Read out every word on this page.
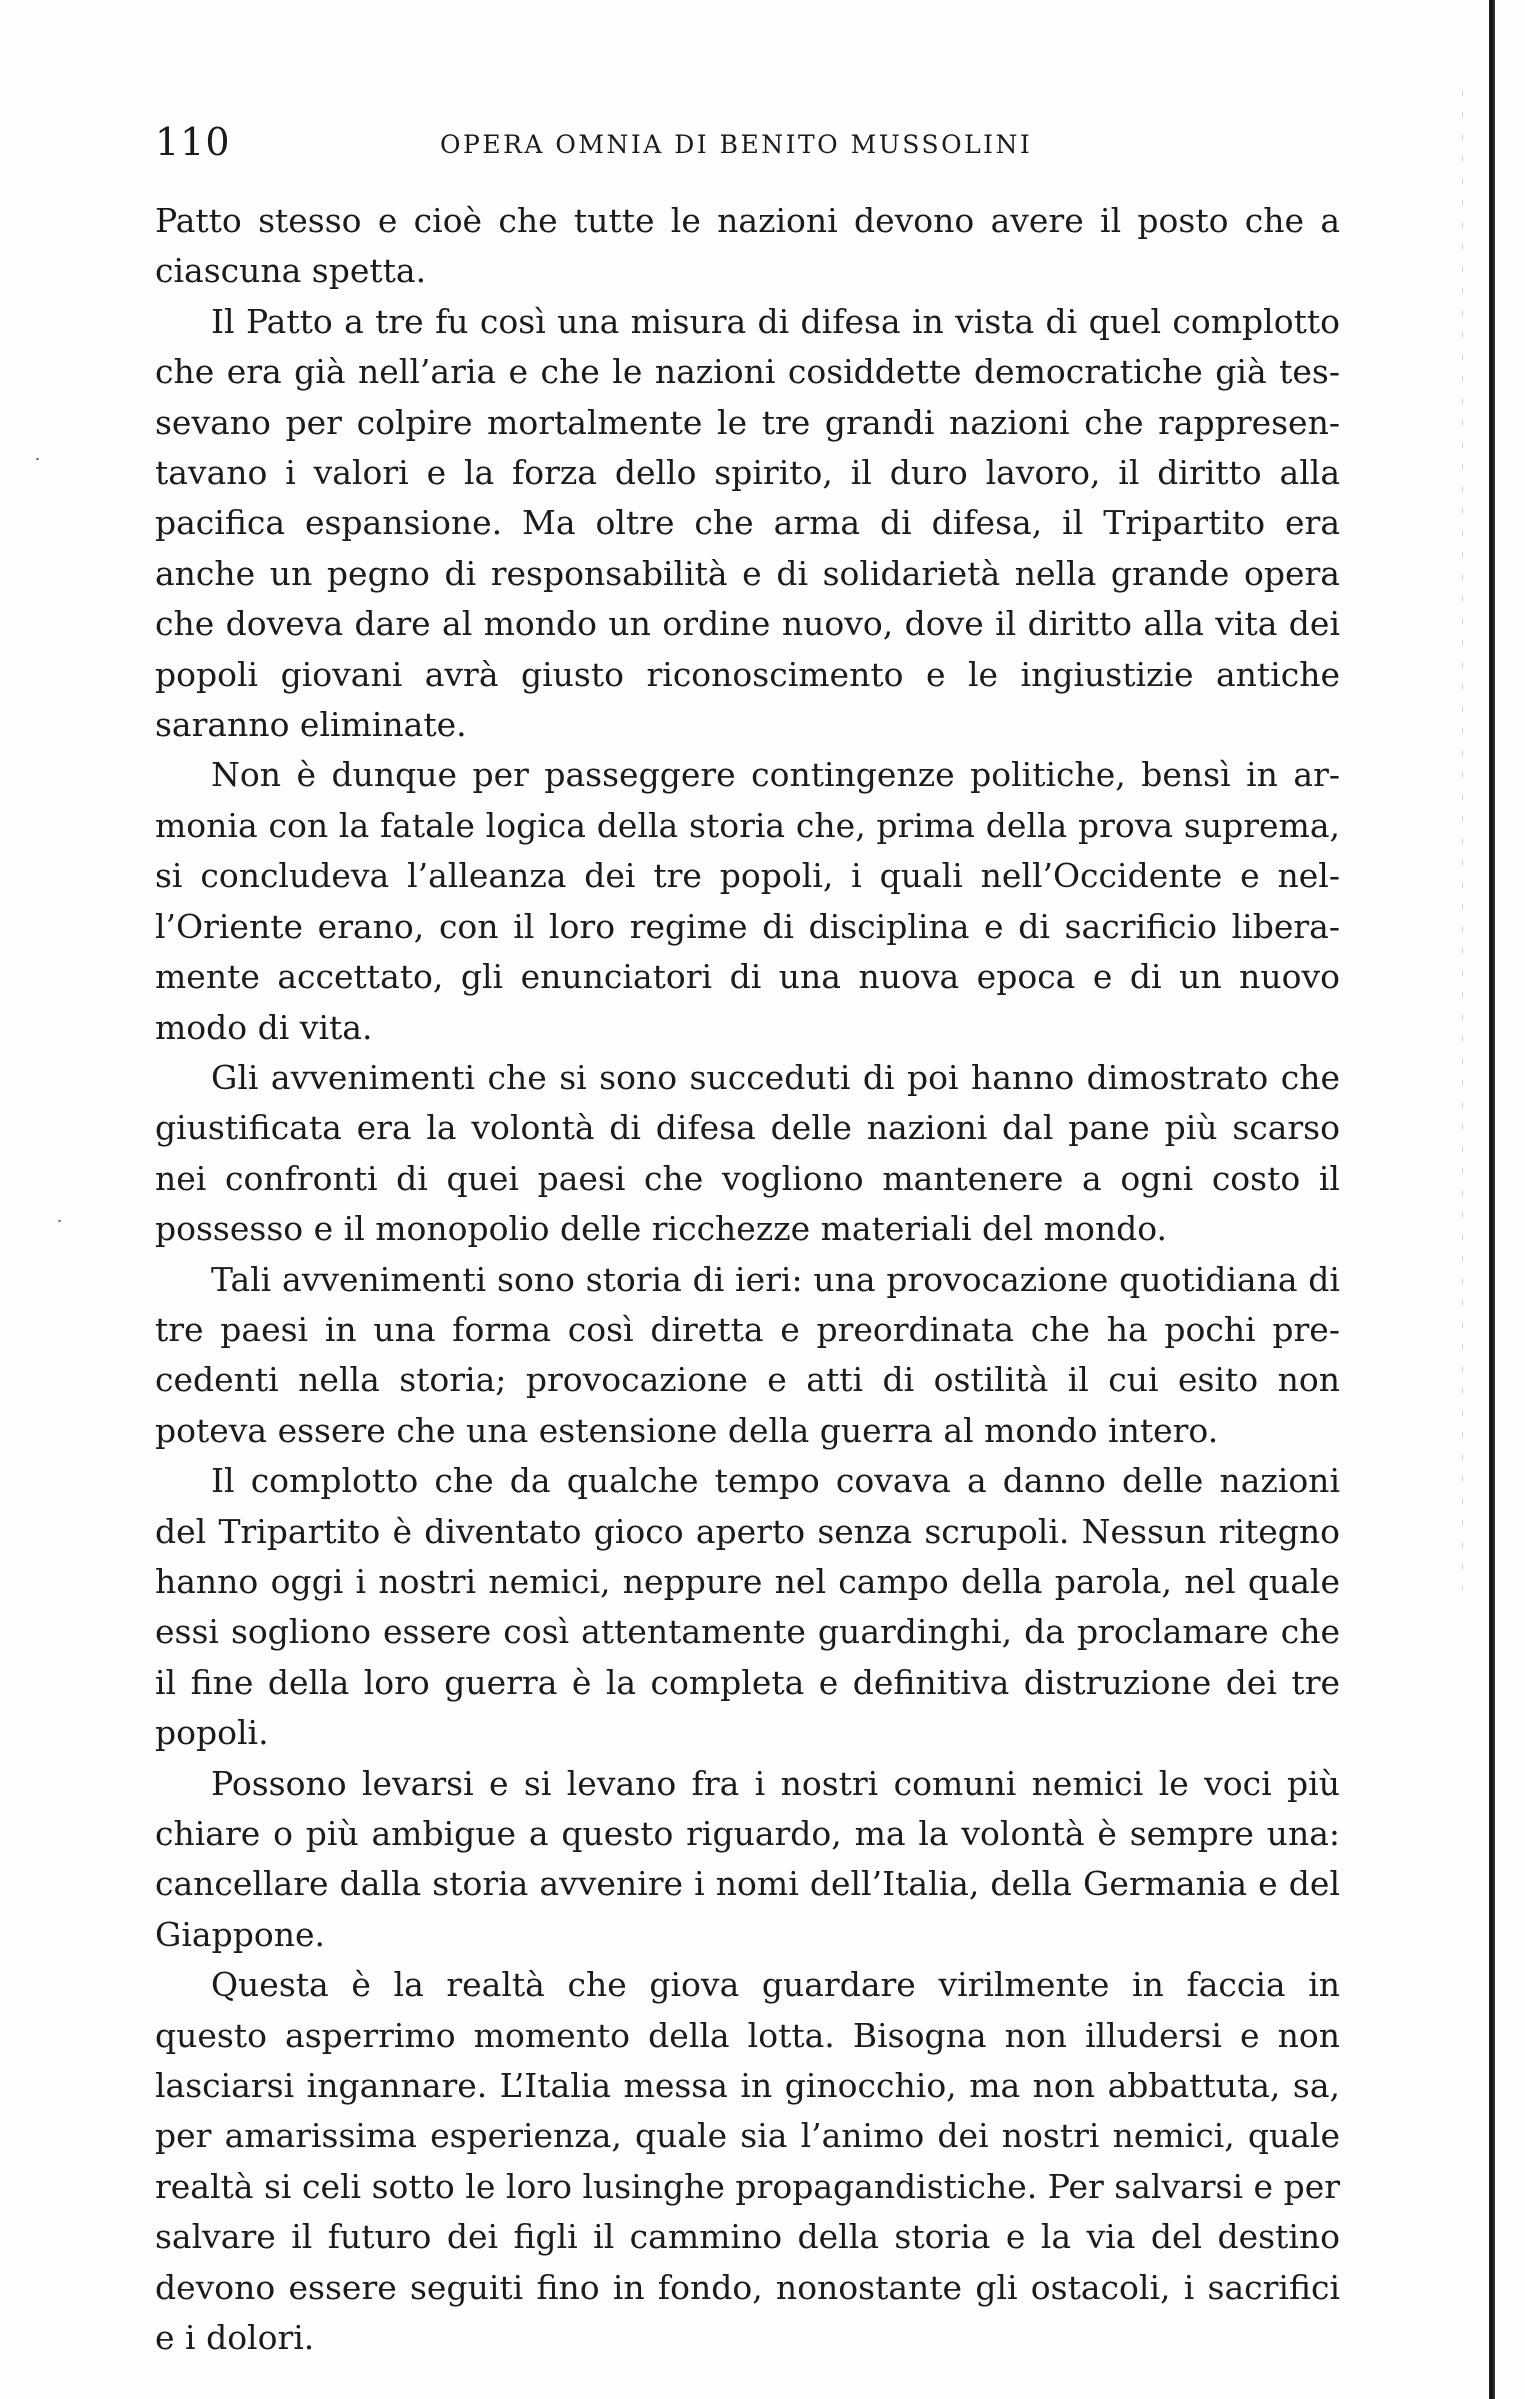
110	OPERA OMNIA DI BENITO MUSSOLINI

Patto stesso e cioè che tutte le nazioni devono avere il posto che a ciascuna spetta.

Il Patto a tre fu così una misura di difesa in vista di quel complotto che era già nell’aria e che le nazioni cosiddette democratiche già tessevano per colpire mortalmente le tre grandi nazioni che rappresentavano i valori e la forza dello spirito, il duro lavoro, il diritto alla pacifica espansione. Ma oltre che arma di difesa, il Tripartito era anche un pegno di responsabilità e di solidarietà nella grande opera che doveva dare al mondo un ordine nuovo, dove il diritto alla vita dei popoli giovani avrà giusto riconoscimento e le ingiustizie antiche saranno eliminate.

Non è dunque per passeggere contingenze politiche, bensì in armonia con la fatale logica della storia che, prima della prova suprema, si concludeva l’alleanza dei tre popoli, i quali nell’Occidente e nell’Oriente erano, con il loro regime di disciplina e di sacrificio liberamente accettato, gli enunciatori di una nuova epoca e di un nuovo modo di vita.

Gli avvenimenti che si sono succeduti di poi hanno dimostrato che giustificata era la volontà di difesa delle nazioni dal pane più scarso nei confronti di quei paesi che vogliono mantenere a ogni costo il possesso e il monopolio delle ricchezze materiali del mondo.

Tali avvenimenti sono storia di ieri: una provocazione quotidiana di tre paesi in una forma così diretta e preordinata che ha pochi precedenti nella storia; provocazione e atti di ostilità il cui esito non poteva essere che una estensione della guerra al mondo intero.

Il complotto che da qualche tempo covava a danno delle nazioni del Tripartito è diventato gioco aperto senza scrupoli. Nessun ritegno hanno oggi i nostri nemici, neppure nel campo della parola, nel quale essi sogliono essere così attentamente guardinghi, da proclamare che il fine della loro guerra è la completa e definitiva distruzione dei tre popoli.

Possono levarsi e si levano fra i nostri comuni nemici le voci più chiare o più ambigue a questo riguardo, ma la volontà è sempre una: cancellare dalla storia avvenire i nomi dell’Italia, della Germania e del Giappone.

Questa è la realtà che giova guardare virilmente in faccia in questo asperrimo momento della lotta. Bisogna non illudersi e non lasciarsi ingannare. L’Italia messa in ginocchio, ma non abbattuta, sa, per amarissima esperienza, quale sia l’animo dei nostri nemici, quale realtà si celi sotto le loro lusinghe propagandistiche. Per salvarsi e per salvare il futuro dei figli il cammino della storia e la via del destino devono essere seguiti fino in fondo, nonostante gli ostacoli, i sacrifici e i dolori.
